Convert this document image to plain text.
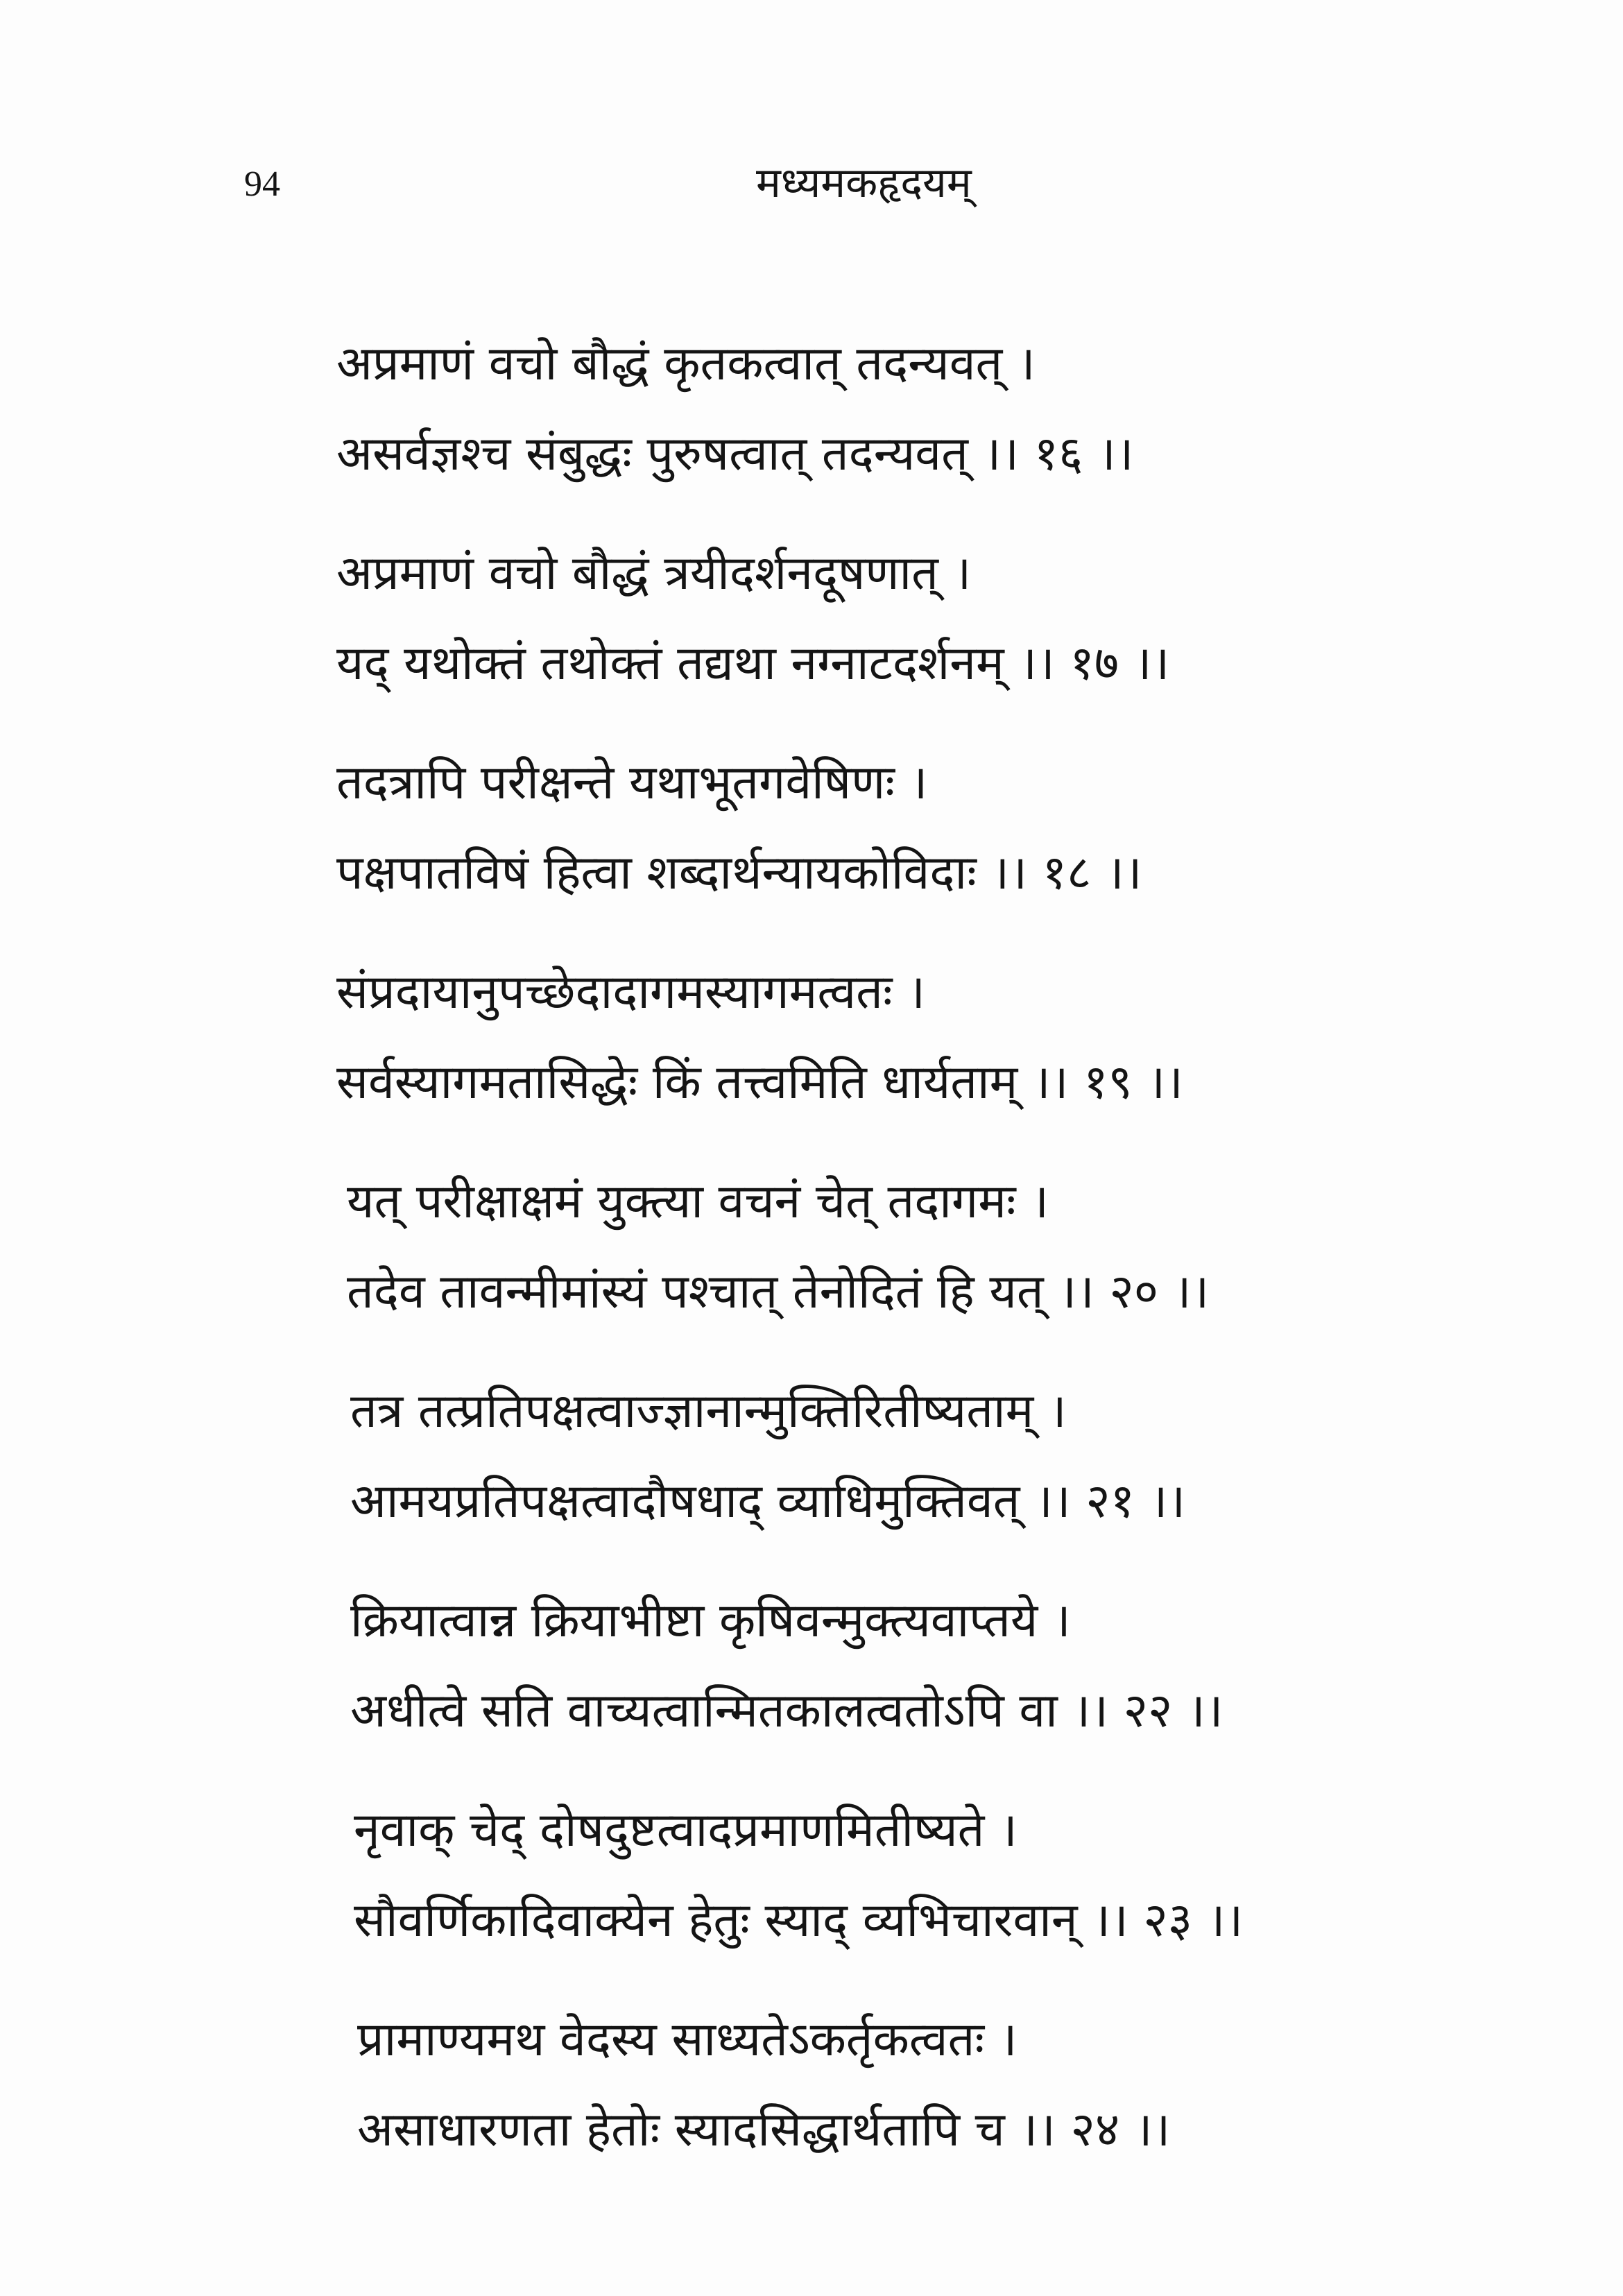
94	मध्यमकहृदयम्
अप्रमाणं वचो बौद्धं कृतकत्वात् तदन्यवत् ।
असर्वज्ञश्च संबुद्धः पुरुषत्वात् तदन्यवत् ।। १६ ।।
अप्रमाणं वचो बौद्धं त्रयीदर्शनदूषणात् ।
यद् यथोक्तं तथोक्तं तद्यथा नग्नाटदर्शनम् ।। १७ ।।
तदत्रापि परीक्षन्ते यथाभूतगवेषिणः ।
पक्षपातविषं हित्वा शब्दार्थन्यायकोविदाः ।। १८ ।।
संप्रदायानुपच्छेदादागमस्यागमत्वतः ।
सर्वस्यागमतासिद्धेः किं तत्त्वमिति धार्यताम् ।। १९ ।।
यत् परीक्षाक्षमं युक्त्या वचनं चेत् तदागमः ।
तदेव तावन्मीमांस्यं पश्चात् तेनोदितं हि यत् ।। २० ।।
तत्र तत्प्रतिपक्षत्वाज्ज्ञानान्मुक्तिरितीष्यताम् ।
आमयप्रतिपक्षत्वादौषधाद् व्याधिमुक्तिवत् ।। २१ ।।
क्रियात्वान्न क्रियाभीष्टा कृषिवन्मुक्त्यवाप्तये ।
अधीत्वे सति वाच्यत्वान्मितकालत्वतोऽपि वा ।। २२ ।।
नृवाक् चेद् दोषदुष्टत्वादप्रमाणमितीष्यते ।
सौवर्णिकादिवाक्येन हेतुः स्याद् व्यभिचारवान् ।। २३ ।।
प्रामाण्यमथ वेदस्य साध्यतेऽकर्तृकत्वतः ।
असाधारणता हेतोः स्यादसिद्धार्थतापि च ।। २४ ।।
